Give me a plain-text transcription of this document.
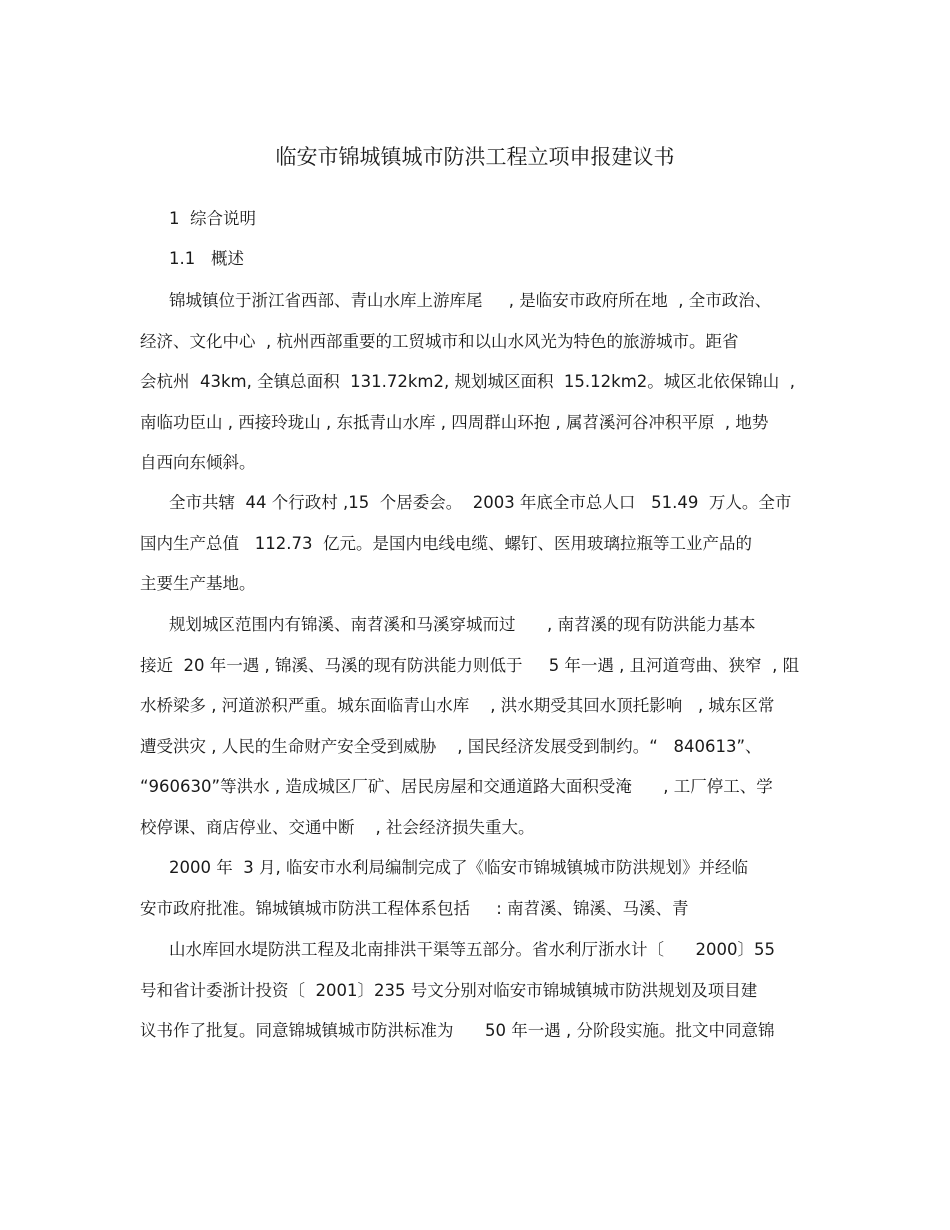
临安市锦城镇城市防洪工程立项申报建议书
1  综合说明
1.1   概述
锦城镇位于浙江省西部、青山水库上游库尾     , 是临安市政府所在地  , 全市政治、
经济、文化中心  , 杭州西部重要的工贸城市和以山水风光为特色的旅游城市。距省
会杭州  43km, 全镇总面积  131.72km2, 规划城区面积  15.12km2。城区北依保锦山  ,
南临功臣山 , 西接玲珑山 , 东抵青山水库 , 四周群山环抱 , 属苕溪河谷冲积平原  , 地势
自西向东倾斜。
全市共辖  44 个行政村 ,15  个居委会。  2003 年底全市总人口   51.49  万人。全市
国内生产总值   112.73  亿元。是国内电线电缆、螺钉、医用玻璃拉瓶等工业产品的
主要生产基地。
规划城区范围内有锦溪、南苕溪和马溪穿城而过      , 南苕溪的现有防洪能力基本
接近  20 年一遇 , 锦溪、马溪的现有防洪能力则低于     5 年一遇 , 且河道弯曲、狭窄  , 阻
水桥梁多 , 河道淤积严重。城东面临青山水库    , 洪水期受其回水顶托影响   , 城东区常
遭受洪灾 , 人民的生命财产安全受到威胁    , 国民经济发展受到制约。“   840613”、
“960630”等洪水 , 造成城区厂矿、居民房屋和交通道路大面积受淹      , 工厂停工、学
校停课、商店停业、交通中断    , 社会经济损失重大。
2000 年  3 月, 临安市水利局编制完成了《临安市锦城镇城市防洪规划》并经临
安市政府批准。锦城镇城市防洪工程体系包括     : 南苕溪、锦溪、马溪、青
山水库回水堤防洪工程及北南排洪干渠等五部分。省水利厅浙水计〔      2000〕55
号和省计委浙计投资〔  2001〕235 号文分别对临安市锦城镇城市防洪规划及项目建
议书作了批复。同意锦城镇城市防洪标准为      50 年一遇 , 分阶段实施。批文中同意锦
